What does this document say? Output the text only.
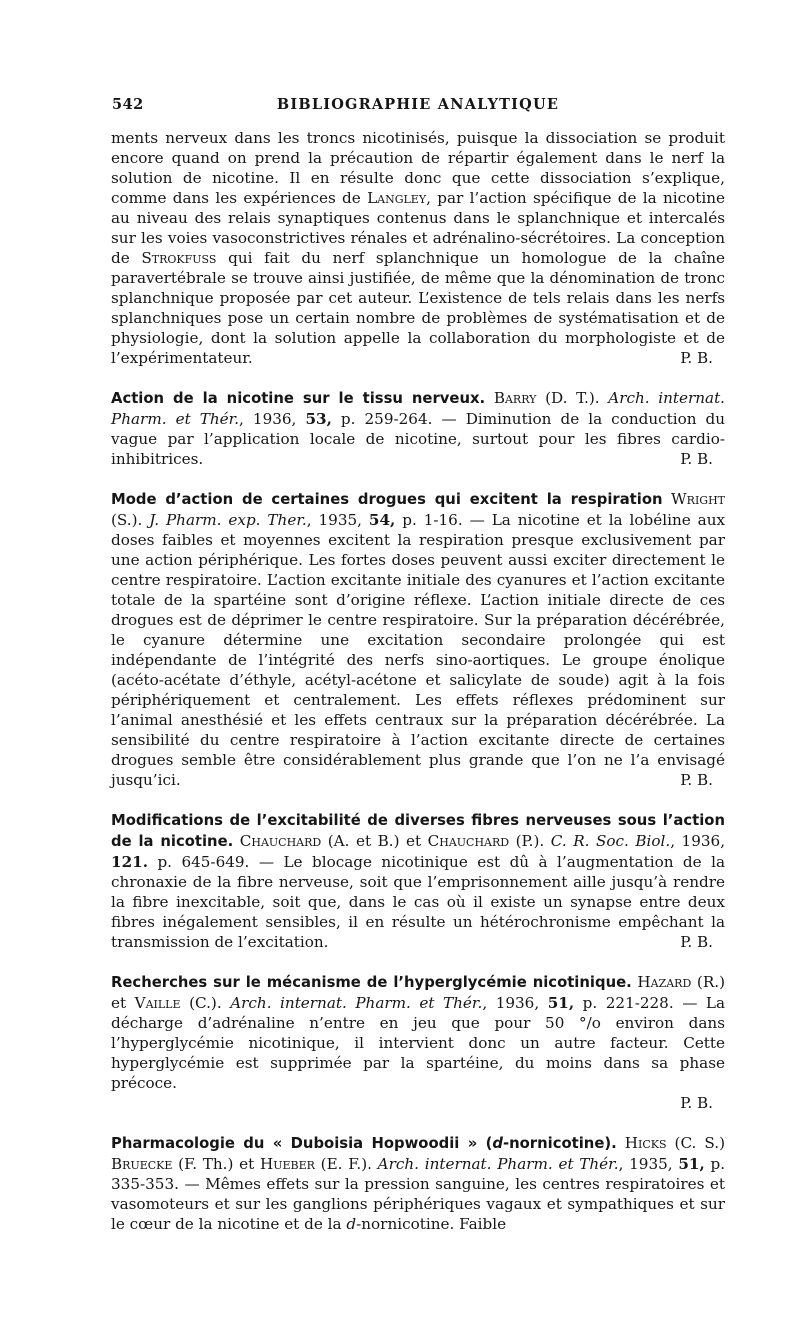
542	BIBLIOGRAPHIE ANALYTIQUE

ments nerveux dans les troncs nicotinisés, puisque la dissociation se produit encore quand on prend la précaution de répartir également dans le nerf la solution de nicotine. Il en résulte donc que cette dissociation s’explique, comme dans les expériences de Langley, par l’action spécifique de la nicotine au niveau des relais synaptiques contenus dans le splanchnique et intercalés sur les voies vasoconstrictives rénales et adrénalino-sécrétoires. La conception de Strokfuss qui fait du nerf splanchnique un homologue de la chaîne paravertébrale se trouve ainsi justifiée, de même que la dénomination de tronc splanchnique proposée par cet auteur. L’existence de tels relais dans les nerfs splanchniques pose un certain nombre de problèmes de systématisation et de physiologie, dont la solution appelle la collaboration du morphologiste et de l’expérimentateur.	P. B.

Action de la nicotine sur le tissu nerveux. Barry (D. T.). Arch. internat. Pharm. et Thér., 1936, 53, p. 259-264. — Diminution de la conduction du vague par l’application locale de nicotine, surtout pour les fibres cardio-inhibitrices.	P. B.

Mode d’action de certaines drogues qui excitent la respiration Wright (S.). J. Pharm. exp. Ther., 1935, 54, p. 1-16. — La nicotine et la lobéline aux doses faibles et moyennes excitent la respiration presque exclusivement par une action périphérique. Les fortes doses peuvent aussi exciter directement le centre respiratoire. L’action excitante initiale des cyanures et l’action excitante totale de la spartéine sont d’origine réflexe. L’action initiale directe de ces drogues est de déprimer le centre respiratoire. Sur la préparation décérébrée, le cyanure détermine une excitation secondaire prolongée qui est indépendante de l’intégrité des nerfs sino-aortiques. Le groupe énolique (acéto-acétate d’éthyle, acétyl-acétone et salicylate de soude) agit à la fois périphériquement et centralement. Les effets réflexes prédominent sur l’animal anesthésié et les effets centraux sur la préparation décérébrée. La sensibilité du centre respiratoire à l’action excitante directe de certaines drogues semble être considérablement plus grande que l’on ne l’a envisagé jusqu’ici.	P. B.

Modifications de l’excitabilité de diverses fibres nerveuses sous l’action de la nicotine. Chauchard (A. et B.) et Chauchard (P.). C. R. Soc. Biol., 1936, 121. p. 645-649. — Le blocage nicotinique est dû à l’augmentation de la chronaxie de la fibre nerveuse, soit que l’emprisonnement aille jusqu’à rendre la fibre inexcitable, soit que, dans le cas où il existe un synapse entre deux fibres inégalement sensibles, il en résulte un hétérochronisme empêchant la transmission de l’excitation.	P. B.

Recherches sur le mécanisme de l’hyperglycémie nicotinique. Hazard (R.) et Vaille (C.). Arch. internat. Pharm. et Thér., 1936, 51, p. 221-228. — La décharge d’adrénaline n’entre en jeu que pour 50 °/o environ dans l’hyperglycémie nicotinique, il intervient donc un autre facteur. Cette hyperglycémie est supprimée par la spartéine, du moins dans sa phase précoce.

P. B.

Pharmacologie du « Duboisia Hopwoodii » (d-nornicotine). Hicks (C. S.) Bruecke (F. Th.) et Hueber (E. F.). Arch. internat. Pharm. et Thér., 1935, 51, p. 335-353. — Mêmes effets sur la pression sanguine, les centres respiratoires et vasomoteurs et sur les ganglions périphériques vagaux et sympathiques et sur le cœur de la nicotine et de la d-nornicotine. Faible
